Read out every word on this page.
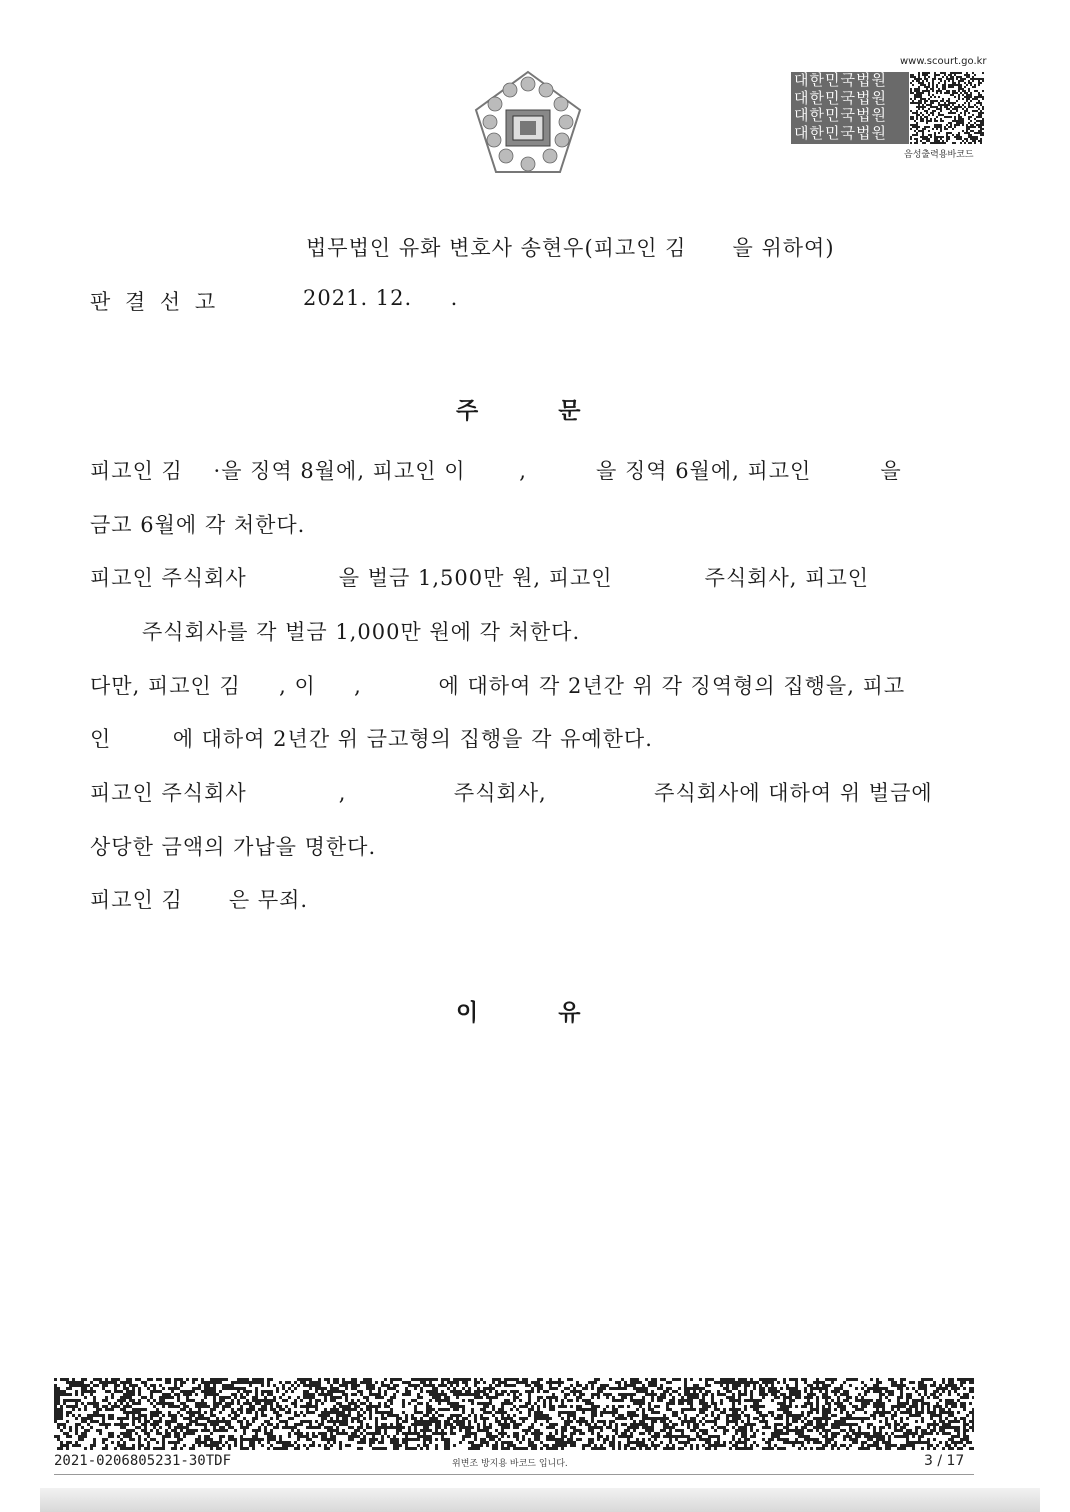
www.scourt.go.kr
대한민국법원
대한민국법원
대한민국법원
대한민국법원
음성출력용바코드
법무법인 유화 변호사 송현우(피고인 김      을 위하여)
판 결 선 고	2021. 12.     .
주          문
피고인 김    ·을 징역 8월에, 피고인 이       ,         을 징역 6월에, 피고인         을
금고 6월에 각 처한다.
피고인 주식회사            을 벌금 1,500만 원, 피고인            주식회사, 피고인
주식회사를 각 벌금 1,000만 원에 각 처한다.
다만, 피고인 김     , 이     ,          에 대하여 각 2년간 위 각 징역형의 집행을, 피고
인        에 대하여 2년간 위 금고형의 집행을 각 유예한다.
피고인 주식회사            ,              주식회사,              주식회사에 대하여 위 벌금에
상당한 금액의 가납을 명한다.
피고인 김      은 무죄.
이          유
2021-0206805231-30TDF	위변조 방지용 바코드 입니다.	3 / 17
